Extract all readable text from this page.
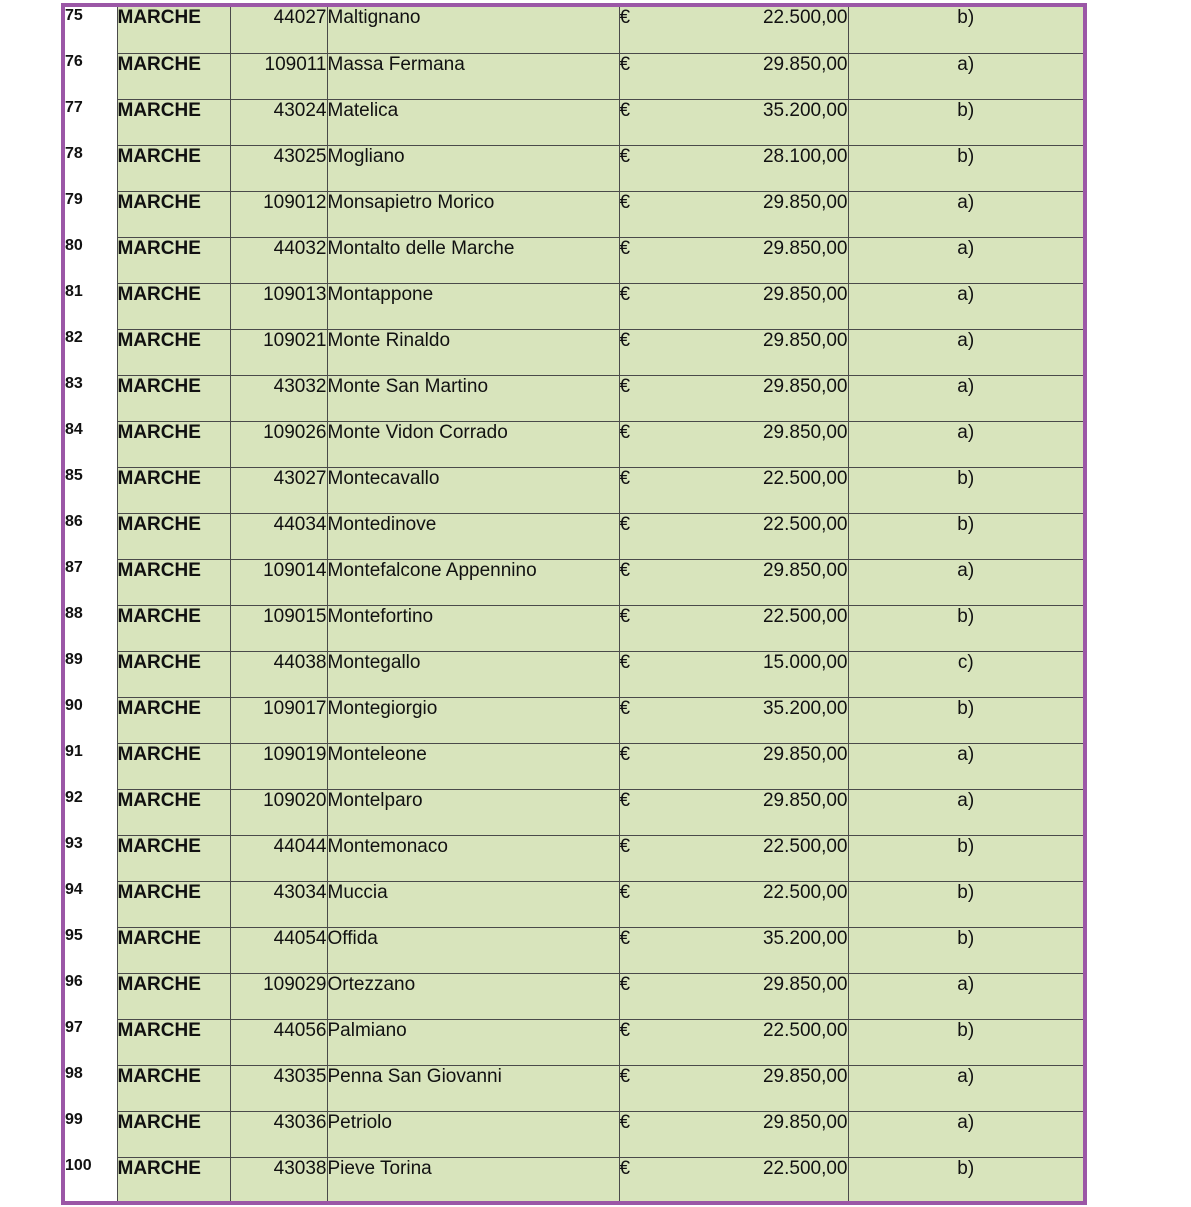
75	MARCHE	44027	Maltignano	€	22.500,00	b)
76	MARCHE	109011	Massa Fermana	€	29.850,00	a)
77	MARCHE	43024	Matelica	€	35.200,00	b)
78	MARCHE	43025	Mogliano	€	28.100,00	b)
79	MARCHE	109012	Monsapietro Morico	€	29.850,00	a)
80	MARCHE	44032	Montalto delle Marche	€	29.850,00	a)
81	MARCHE	109013	Montappone	€	29.850,00	a)
82	MARCHE	109021	Monte Rinaldo	€	29.850,00	a)
83	MARCHE	43032	Monte San Martino	€	29.850,00	a)
84	MARCHE	109026	Monte Vidon Corrado	€	29.850,00	a)
85	MARCHE	43027	Montecavallo	€	22.500,00	b)
86	MARCHE	44034	Montedinove	€	22.500,00	b)
87	MARCHE	109014	Montefalcone Appennino	€	29.850,00	a)
88	MARCHE	109015	Montefortino	€	22.500,00	b)
89	MARCHE	44038	Montegallo	€	15.000,00	c)
90	MARCHE	109017	Montegiorgio	€	35.200,00	b)
91	MARCHE	109019	Monteleone	€	29.850,00	a)
92	MARCHE	109020	Montelparo	€	29.850,00	a)
93	MARCHE	44044	Montemonaco	€	22.500,00	b)
94	MARCHE	43034	Muccia	€	22.500,00	b)
95	MARCHE	44054	Offida	€	35.200,00	b)
96	MARCHE	109029	Ortezzano	€	29.850,00	a)
97	MARCHE	44056	Palmiano	€	22.500,00	b)
98	MARCHE	43035	Penna San Giovanni	€	29.850,00	a)
99	MARCHE	43036	Petriolo	€	29.850,00	a)
100	MARCHE	43038	Pieve Torina	€	22.500,00	b)
